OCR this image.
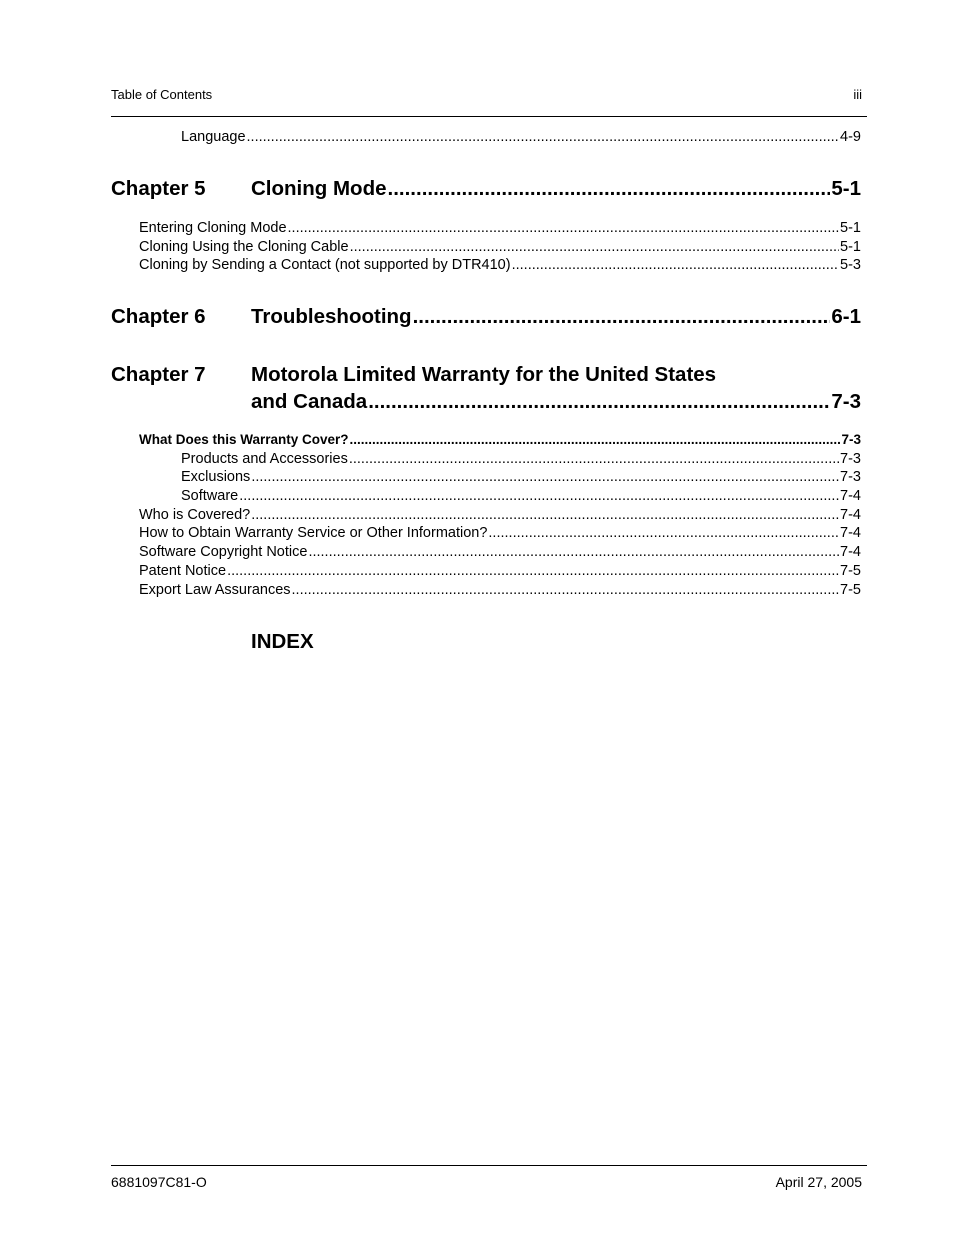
Table of Contents	iii
Language .....	4-9
Chapter 5 Cloning Mode .....	5-1
Entering Cloning Mode .....	5-1
Cloning Using the Cloning Cable .....	5-1
Cloning by Sending a Contact (not supported by DTR410) .....	5-3
Chapter 6 Troubleshooting .....	6-1
Chapter 7 Motorola Limited Warranty for the United States
and Canada .....	7-3
What Does this Warranty Cover? .....	7-3
Products and Accessories .....	7-3
Exclusions .....	7-3
Software .....	7-4
Who is Covered? .....	7-4
How to Obtain Warranty Service or Other Information? .....	7-4
Software Copyright Notice .....	7-4
Patent Notice .....	7-5
Export Law Assurances .....	7-5
INDEX
6881097C81-O	April 27, 2005
